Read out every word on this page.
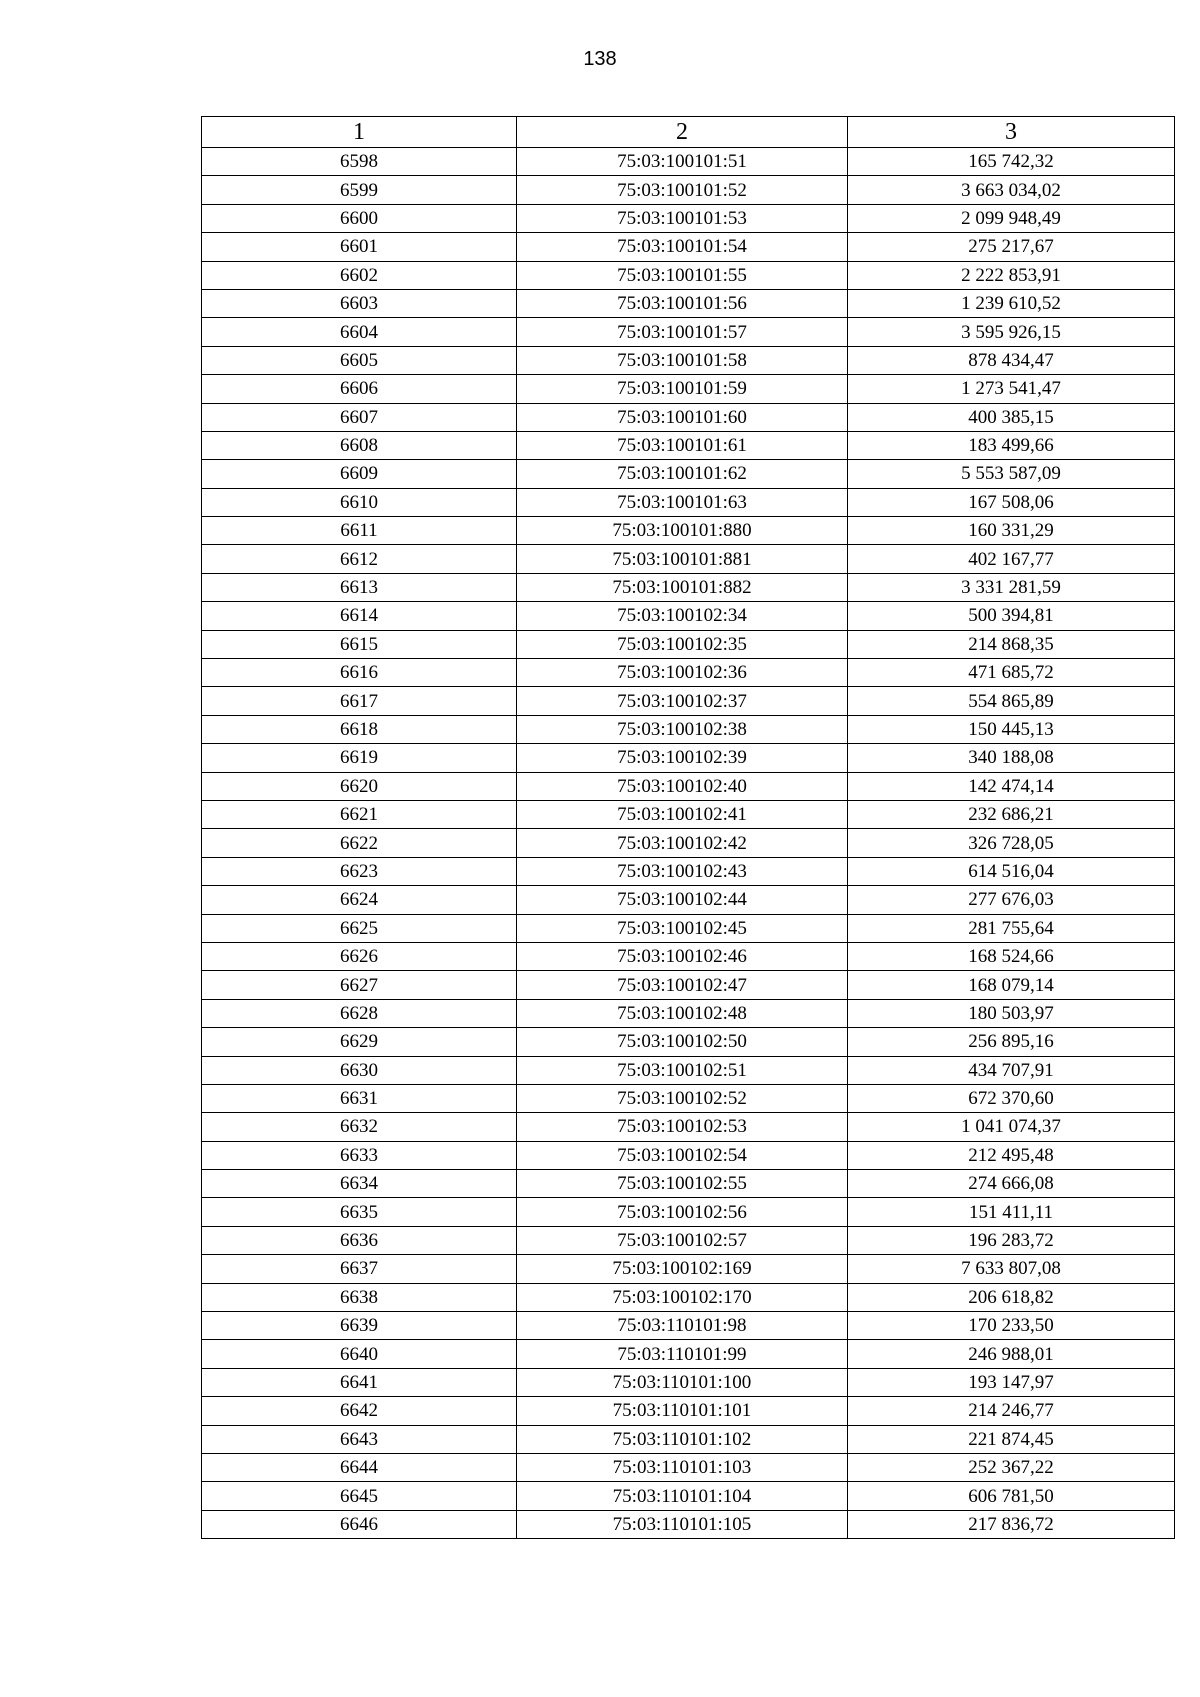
138
1	2	3
6598	75:03:100101:51	165 742,32
6599	75:03:100101:52	3 663 034,02
6600	75:03:100101:53	2 099 948,49
6601	75:03:100101:54	275 217,67
6602	75:03:100101:55	2 222 853,91
6603	75:03:100101:56	1 239 610,52
6604	75:03:100101:57	3 595 926,15
6605	75:03:100101:58	878 434,47
6606	75:03:100101:59	1 273 541,47
6607	75:03:100101:60	400 385,15
6608	75:03:100101:61	183 499,66
6609	75:03:100101:62	5 553 587,09
6610	75:03:100101:63	167 508,06
6611	75:03:100101:880	160 331,29
6612	75:03:100101:881	402 167,77
6613	75:03:100101:882	3 331 281,59
6614	75:03:100102:34	500 394,81
6615	75:03:100102:35	214 868,35
6616	75:03:100102:36	471 685,72
6617	75:03:100102:37	554 865,89
6618	75:03:100102:38	150 445,13
6619	75:03:100102:39	340 188,08
6620	75:03:100102:40	142 474,14
6621	75:03:100102:41	232 686,21
6622	75:03:100102:42	326 728,05
6623	75:03:100102:43	614 516,04
6624	75:03:100102:44	277 676,03
6625	75:03:100102:45	281 755,64
6626	75:03:100102:46	168 524,66
6627	75:03:100102:47	168 079,14
6628	75:03:100102:48	180 503,97
6629	75:03:100102:50	256 895,16
6630	75:03:100102:51	434 707,91
6631	75:03:100102:52	672 370,60
6632	75:03:100102:53	1 041 074,37
6633	75:03:100102:54	212 495,48
6634	75:03:100102:55	274 666,08
6635	75:03:100102:56	151 411,11
6636	75:03:100102:57	196 283,72
6637	75:03:100102:169	7 633 807,08
6638	75:03:100102:170	206 618,82
6639	75:03:110101:98	170 233,50
6640	75:03:110101:99	246 988,01
6641	75:03:110101:100	193 147,97
6642	75:03:110101:101	214 246,77
6643	75:03:110101:102	221 874,45
6644	75:03:110101:103	252 367,22
6645	75:03:110101:104	606 781,50
6646	75:03:110101:105	217 836,72
